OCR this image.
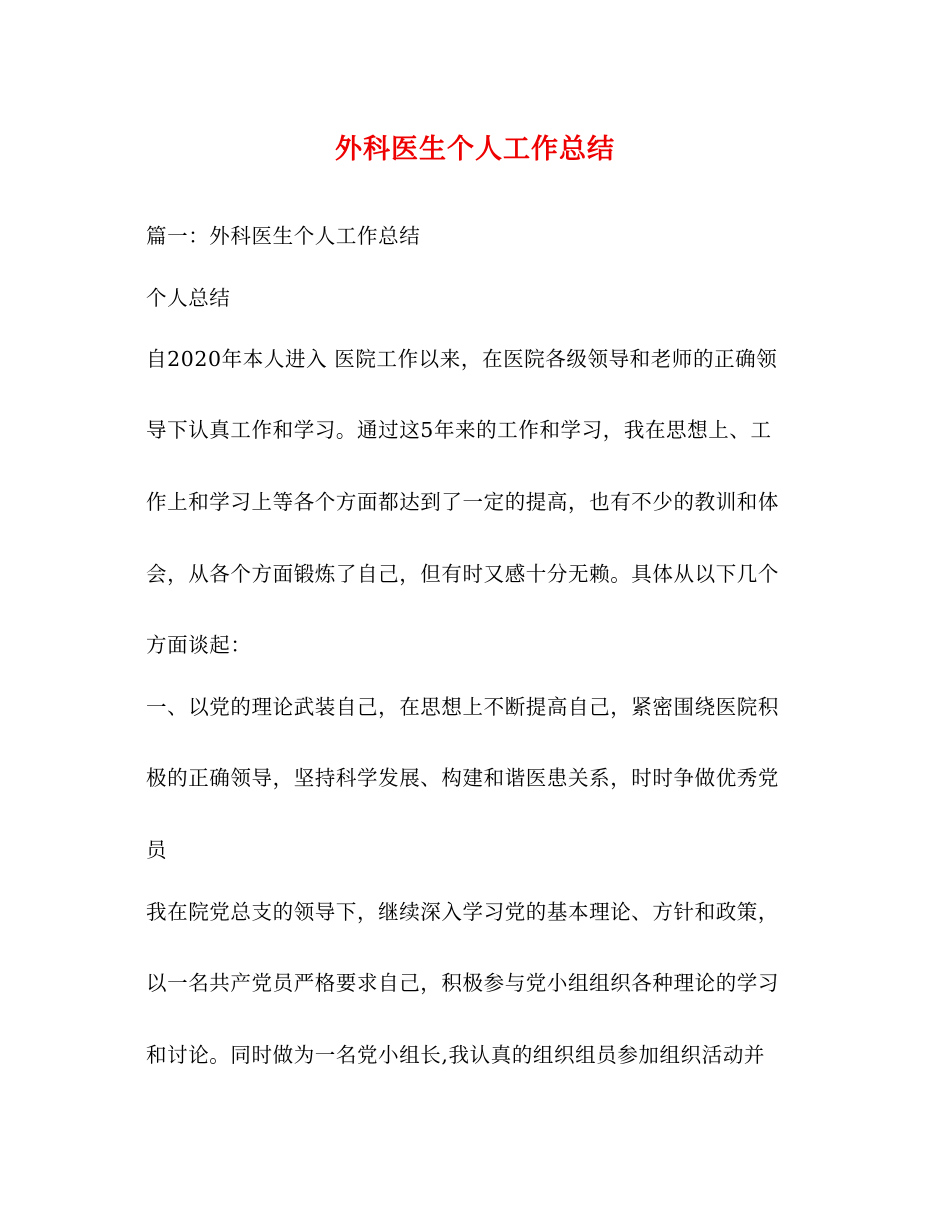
外科医生个人工作总结
篇一：外科医生个人工作总结
个人总结
自2020年本人进入 医院工作以来，在医院各级领导和老师的正确领
导下认真工作和学习。通过这5年来的工作和学习，我在思想上、工
作上和学习上等各个方面都达到了一定的提高，也有不少的教训和体
会，从各个方面锻炼了自己，但有时又感十分无赖。具体从以下几个
方面谈起：
一、以党的理论武装自己，在思想上不断提高自己，紧密围绕医院积
极的正确领导，坚持科学发展、构建和谐医患关系，时时争做优秀党
员
我在院党总支的领导下，继续深入学习党的基本理论、方针和政策，
以一名共产党员严格要求自己，积极参与党小组组织各种理论的学习
和讨论。同时做为一名党小组长,我认真的组织组员参加组织活动并
